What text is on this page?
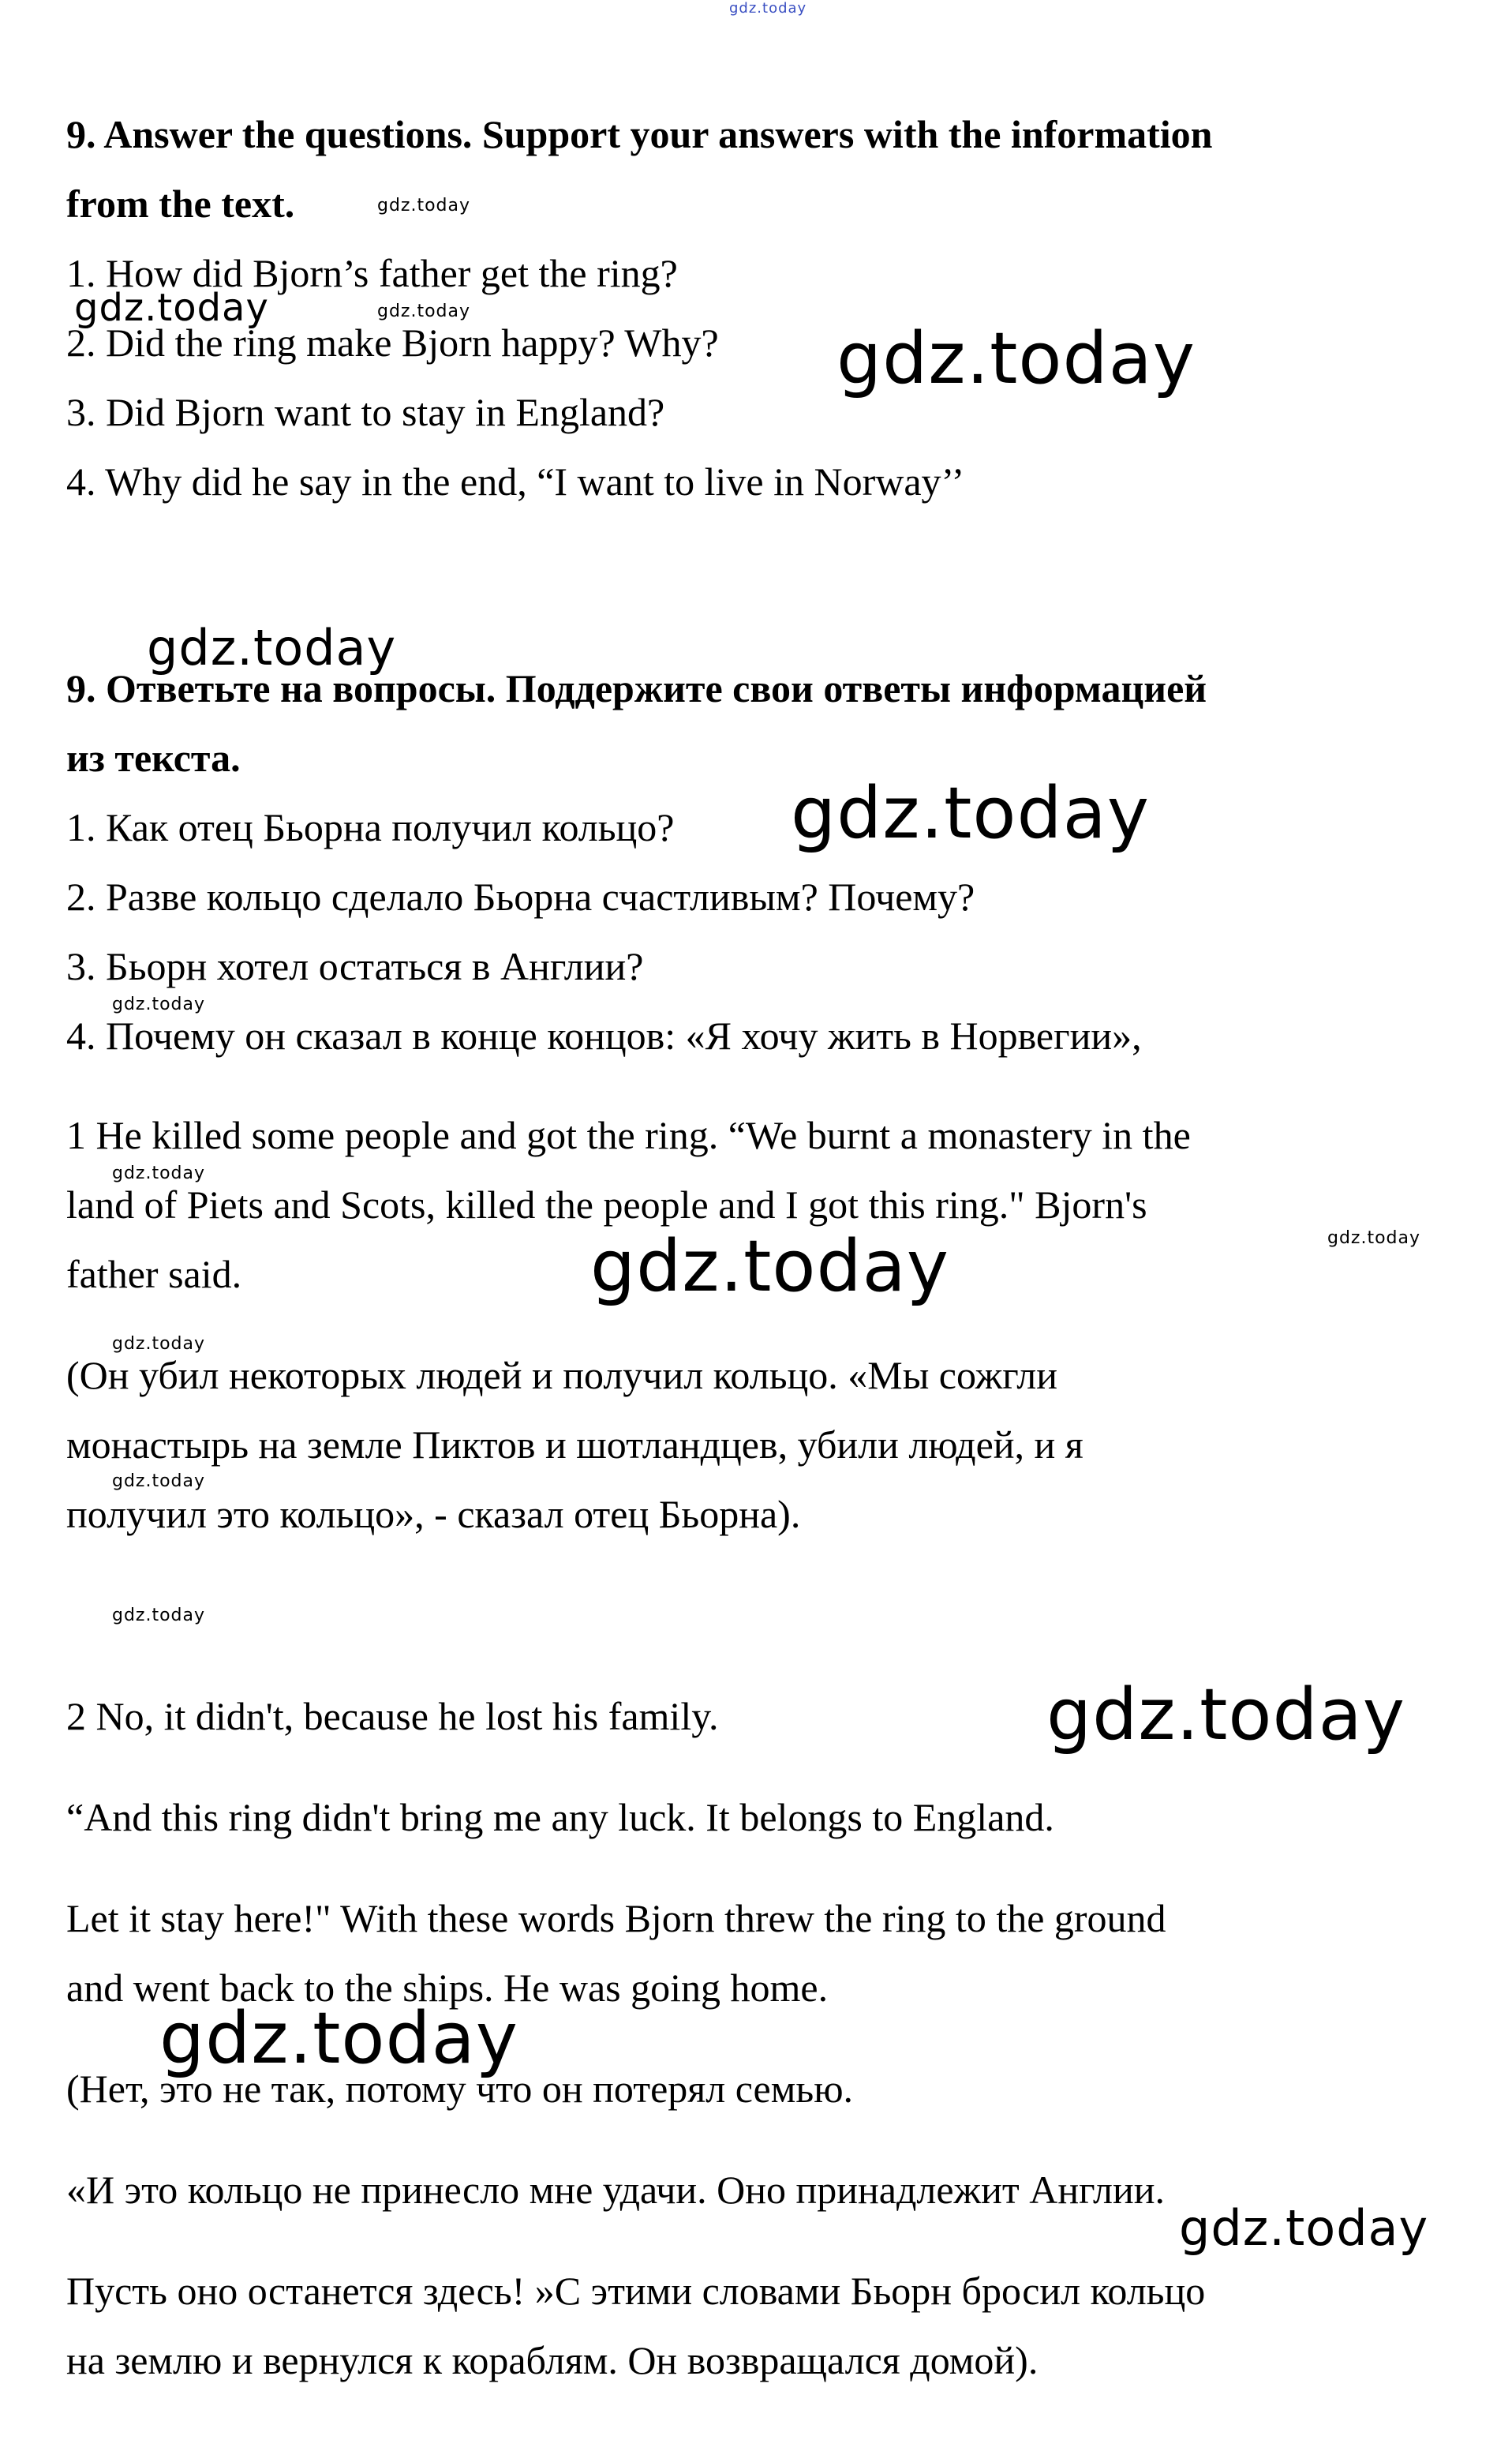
gdz.today

9. Answer the questions. Support your answers with the information

from the text.

1. How did Bjorn’s father get the ring?

2. Did the ring make Bjorn happy? Why?

3. Did Bjorn want to stay in England?

4. Why did he say in the end, “I want to live in Norway’’

9. Ответьте на вопросы. Поддержите свои ответы информацией

из текста.

1. Как отец Бьорна получил кольцо?

2. Разве кольцо сделало Бьорна счастливым? Почему?

3. Бьорн хотел остаться в Англии?

4. Почему он сказал в конце концов: «Я хочу жить в Норвегии»,

1 He killed some people and got the ring. “We burnt a monastery in the

land of Piets and Scots, killed the people and I got this ring." Bjorn's

father said.

(Он убил некоторых людей и получил кольцо. «Мы сожгли

монастырь на земле Пиктов и шотландцев, убили людей, и я

получил это кольцо», - сказал отец Бьорна).

2 No, it didn't, because he lost his family.

“And this ring didn't bring me any luck. It belongs to England.

Let it stay here!" With these words Bjorn threw the ring to the ground

and went back to the ships. He was going home.

(Нет, это не так, потому что он потерял семью.

«И это кольцо не принесло мне удачи. Оно принадлежит Англии.

Пусть оно останется здесь! »С этими словами Бьорн бросил кольцо

на землю и вернулся к кораблям. Он возвращался домой).

gdz.today
gdz.today	gdz.today
gdz.today
gdz.today
gdz.today
gdz.today
gdz.today
gdz.today
gdz.today
gdz.today
gdz.today
gdz.today
gdz.today
gdz.today
gdz.today
